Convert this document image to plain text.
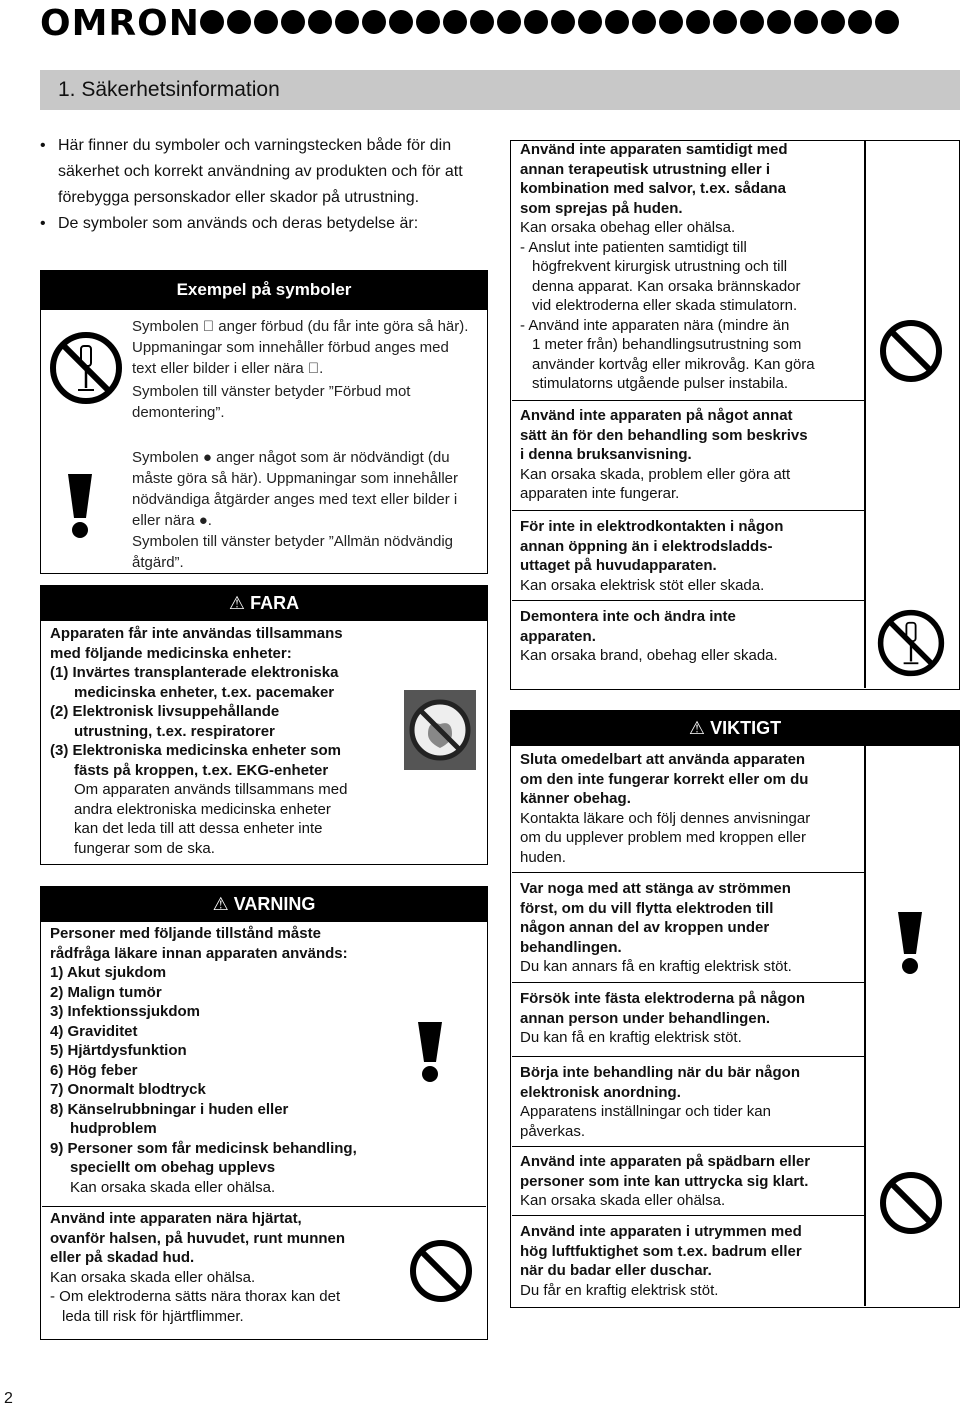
OMRON
1. Säkerhetsinformation
• Här finner du symboler och varningstecken både för din säkerhet och korrekt användning av produkten och för att förebygga personskador eller skador på utrustning.
• De symboler som används och deras betydelse är:
Exempel på symboler
Symbolen ⃠ anger förbud (du får inte göra så här).
Uppmaningar som innehåller förbud anges med text eller bilder i eller nära ⃠.
Symbolen till vänster betyder ”Förbud mot demontering”.
Symbolen ● anger något som är nödvändigt (du måste göra så här). Uppmaningar som innehåller nödvändiga åtgärder anges med text eller bilder i eller nära ●.
Symbolen till vänster betyder ”Allmän nödvändig åtgärd”.
⚠ FARA
Apparaten får inte användas tillsammans
med följande medicinska enheter:
(1) Invärtes transplanterade elektroniska
medicinska enheter, t.ex. pacemaker
(2) Elektronisk livsuppehållande
utrustning, t.ex. respiratorer
(3) Elektroniska medicinska enheter som
fästs på kroppen, t.ex. EKG-enheter
Om apparaten används tillsammans med
andra elektroniska medicinska enheter
kan det leda till att dessa enheter inte
fungerar som de ska.
⚠ VARNING
Personer med följande tillstånd måste
rådfråga läkare innan apparaten används:
1) Akut sjukdom
2) Malign tumör
3) Infektionssjukdom
4) Graviditet
5) Hjärtdysfunktion
6) Hög feber
7) Onormalt blodtryck
8) Känselrubbningar i huden eller
hudproblem
9) Personer som får medicinsk behandling,
speciellt om obehag upplevs
Kan orsaka skada eller ohälsa.
Använd inte apparaten nära hjärtat,
ovanför halsen, på huvudet, runt munnen
eller på skadad hud.
Kan orsaka skada eller ohälsa.
- Om elektroderna sätts nära thorax kan det
leda till risk för hjärtflimmer.
Använd inte apparaten samtidigt med
annan terapeutisk utrustning eller i
kombination med salvor, t.ex. sådana
som sprejas på huden.
Kan orsaka obehag eller ohälsa.
- Anslut inte patienten samtidigt till
högfrekvent kirurgisk utrustning och till
denna apparat. Kan orsaka brännskador
vid elektroderna eller skada stimulatorn.
- Använd inte apparaten nära (mindre än
1 meter från) behandlingsutrustning som
använder kortvåg eller mikrovåg. Kan göra
stimulatorns utgående pulser instabila.
Använd inte apparaten på något annat
sätt än för den behandling som beskrivs
i denna bruksanvisning.
Kan orsaka skada, problem eller göra att
apparaten inte fungerar.
För inte in elektrodkontakten i någon
annan öppning än i elektrodsladds-
uttaget på huvudapparaten.
Kan orsaka elektrisk stöt eller skada.
Demontera inte och ändra inte
apparaten.
Kan orsaka brand, obehag eller skada.
⚠ VIKTIGT
Sluta omedelbart att använda apparaten
om den inte fungerar korrekt eller om du
känner obehag.
Kontakta läkare och följ dennes anvisningar
om du upplever problem med kroppen eller
huden.
Var noga med att stänga av strömmen
först, om du vill flytta elektroden till
någon annan del av kroppen under
behandlingen.
Du kan annars få en kraftig elektrisk stöt.
Försök inte fästa elektroderna på någon
annan person under behandlingen.
Du kan få en kraftig elektrisk stöt.
Börja inte behandling när du bär någon
elektronisk anordning.
Apparatens inställningar och tider kan
påverkas.
Använd inte apparaten på spädbarn eller
personer som inte kan uttrycka sig klart.
Kan orsaka skada eller ohälsa.
Använd inte apparaten i utrymmen med
hög luftfuktighet som t.ex. badrum eller
när du badar eller duschar.
Du får en kraftig elektrisk stöt.
2
